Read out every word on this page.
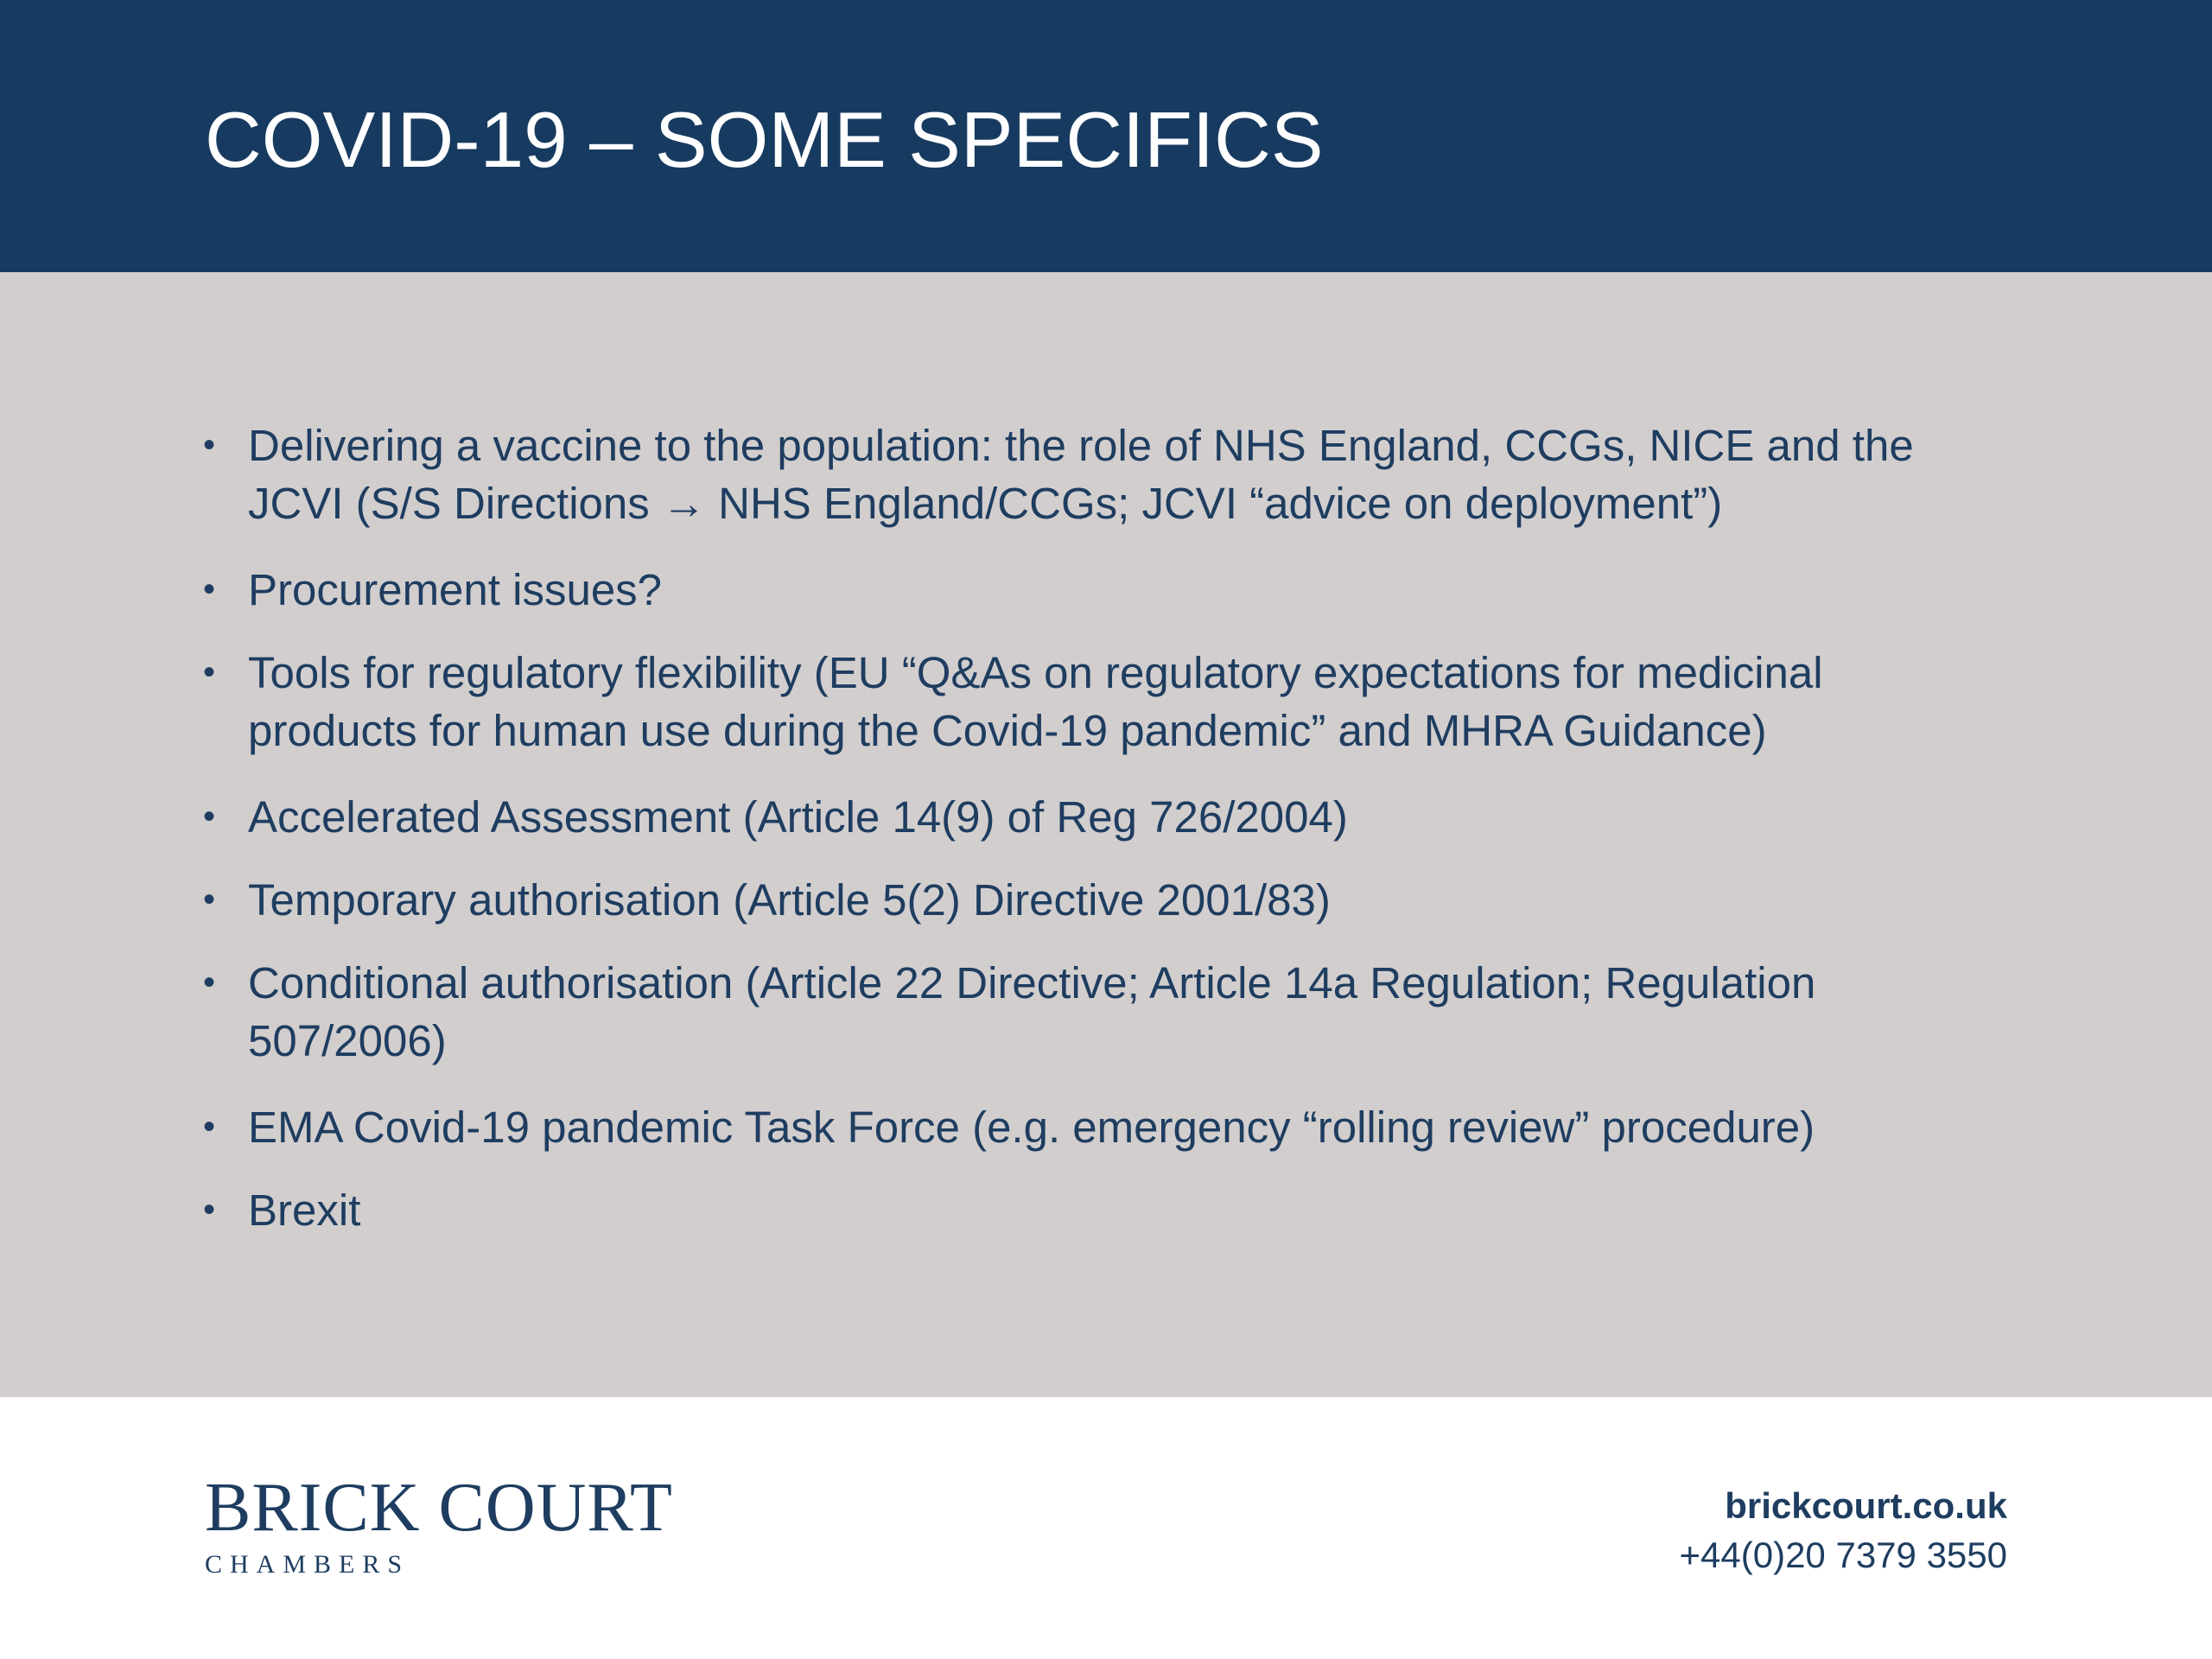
COVID-19 – SOME SPECIFICS
• Delivering a vaccine to the population: the role of NHS England, CCGs, NICE and the JCVI (S/S Directions → NHS England/CCGs; JCVI “advice on deployment”)
• Procurement issues?
• Tools for regulatory flexibility (EU “Q&As on regulatory expectations for medicinal products for human use during the Covid-19 pandemic” and MHRA Guidance)
• Accelerated Assessment (Article 14(9) of Reg 726/2004)
• Temporary authorisation (Article 5(2) Directive 2001/83)
• Conditional authorisation (Article 22 Directive; Article 14a Regulation; Regulation 507/2006)
• EMA Covid-19 pandemic Task Force (e.g. emergency “rolling review” procedure)
• Brexit
BRICK COURT
CHAMBERS
brickcourt.co.uk
+44(0)20 7379 3550
